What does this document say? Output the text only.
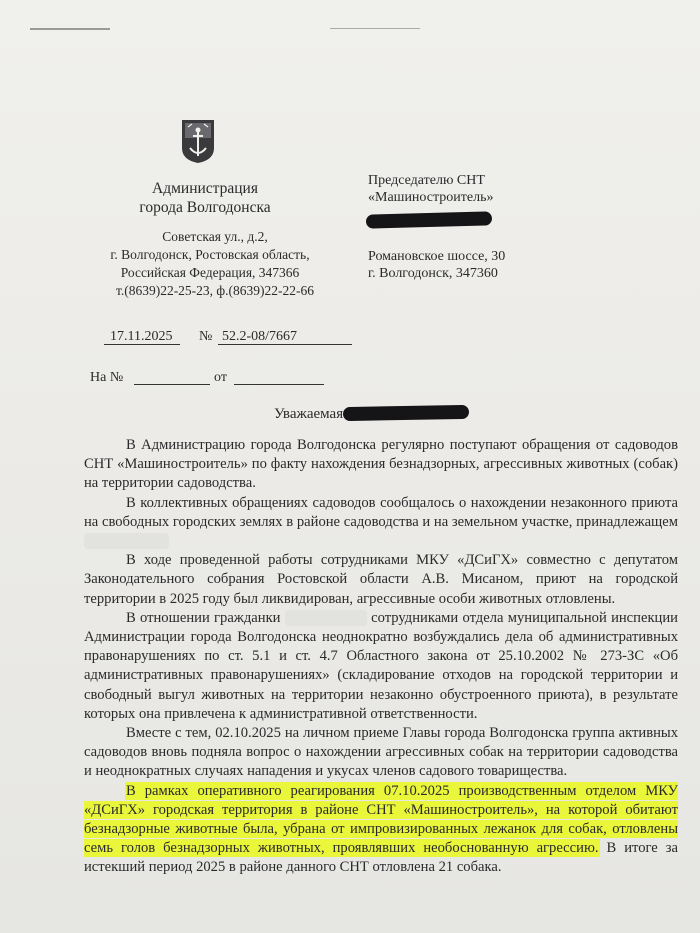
Администрация
города Волгодонска
Советская ул., д.2,
г. Волгодонск, Ростовская область,
Российская Федерация, 347366
т.(8639)22-25-23, ф.(8639)22-22-66
Председателю СНТ
«Машиностроитель»
Романовское шоссе, 30
г. Волгодонск, 347360
17.11.2025 № 52.2-08/7667
На №	от
Уважаемая

В Администрацию города Волгодонска регулярно поступают обращения от садоводов СНТ «Машиностроитель» по факту нахождения безнадзорных, агрессивных животных (собак) на территории садоводства.

В коллективных обращениях садоводов сообщалось о нахождении незаконного приюта на свободных городских землях в районе садоводства и на земельном участке, принадлежащем

В ходе проведенной работы сотрудниками МКУ «ДСиГХ» совместно с депутатом Законодательного собрания Ростовской области А.В. Мисаном, приют на городской территории в 2025 году был ликвидирован, агрессивные особи животных отловлены.

В отношении гражданки	сотрудниками отдела муниципальной инспекции Администрации города Волгодонска неоднократно возбуждались дела об административных правонарушениях по ст. 5.1 и ст. 4.7 Областного закона от 25.10.2002 № 273-ЗС «Об административных правонарушениях» (складирование отходов на городской территории и свободный выгул животных на территории незаконно обустроенного приюта), в результате которых она привлечена к административной ответственности.

Вместе с тем, 02.10.2025 на личном приеме Главы города Волгодонска группа активных садоводов вновь подняла вопрос о нахождении агрессивных собак на территории садоводства и неоднократных случаях нападения и укусах членов садового товарищества.

В рамках оперативного реагирования 07.10.2025 производственным отделом МКУ «ДСиГХ» городская территория в районе СНТ «Машиностроитель», на которой обитают безнадзорные животные была, убрана от импровизированных лежанок для собак, отловлены семь голов безнадзорных животных, проявлявших необоснованную агрессию. В итоге за истекший период 2025 в районе данного СНТ отловлена 21 собака.
